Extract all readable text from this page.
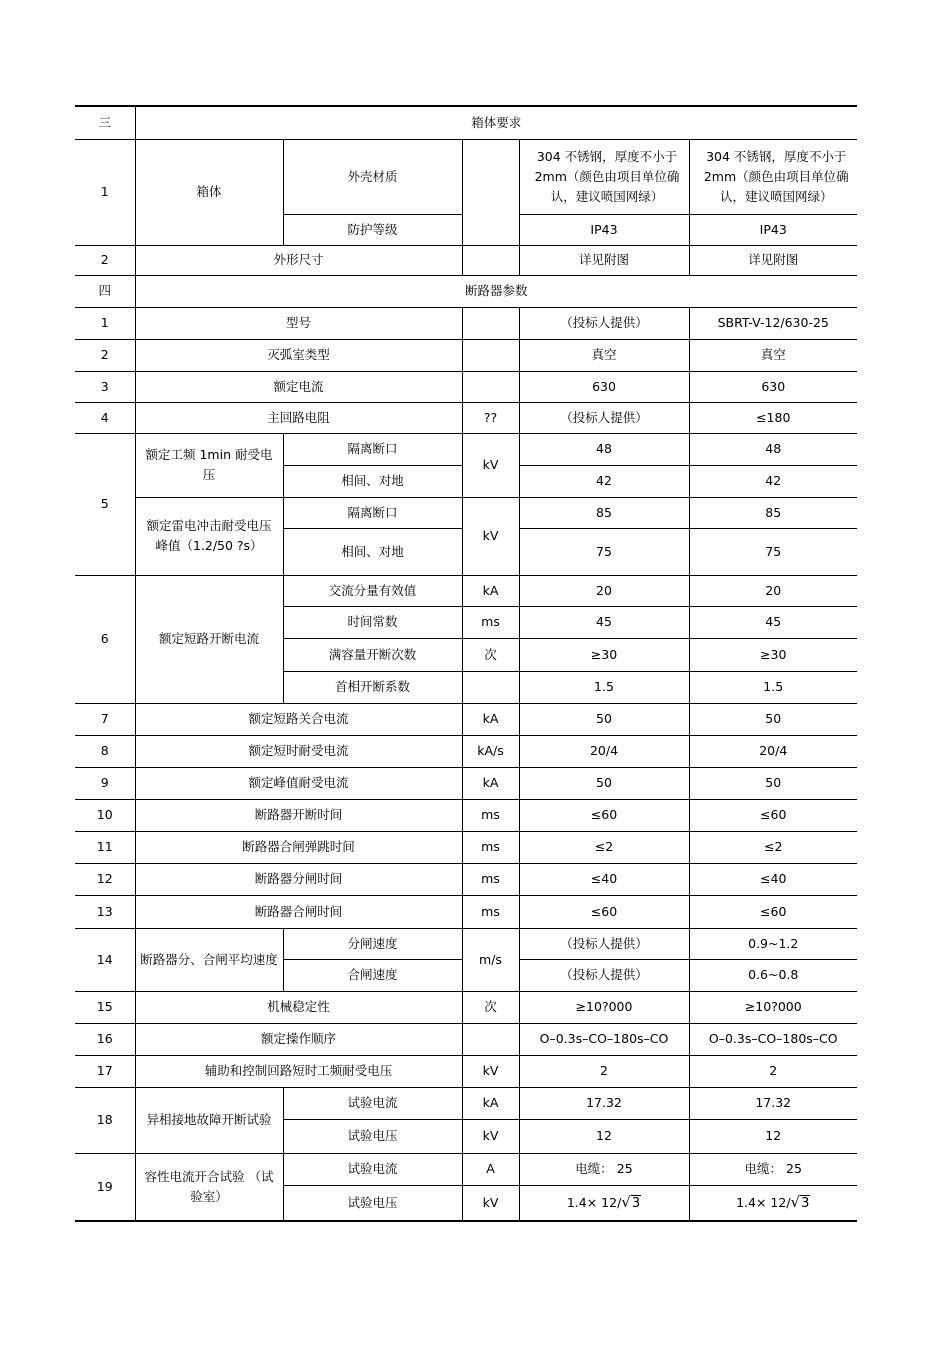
三	箱体要求				
1	箱体	外壳材质		304 不锈钢，厚度不小于 2mm（颜色由项目单位确认，建议喷国网绿）	304 不锈钢，厚度不小于 2mm（颜色由项目单位确认，建议喷国网绿）
		防护等级		IP43	IP43
2	外形尺寸			详见附图	详见附图
四	断路器参数				
1	型号			（投标人提供）	SBRT-V-12/630-25
2	灭弧室类型			真空	真空
3	额定电流			630	630
4	主回路电阻		??	（投标人提供）	≤180
5	额定工频 1min 耐受电压	隔离断口	kV	48	48
		相间、对地		42	42
	额定雷电冲击耐受电压 峰值（1.2/50 ?s）	隔离断口	kV	85	85
		相间、对地		75	75
6	额定短路开断电流	交流分量有效值	kA	20	20
		时间常数	ms	45	45
		满容量开断次数	次	≥30	≥30
		首相开断系数		1.5	1.5
7	额定短路关合电流		kA	50	50
8	额定短时耐受电流		kA/s	20/4	20/4
9	额定峰值耐受电流		kA	50	50
10	断路器开断时间		ms	≤60	≤60
11	断路器合闸弹跳时间		ms	≤2	≤2
12	断路器分闸时间		ms	≤40	≤40
13	断路器合闸时间		ms	≤60	≤60
14	断路器分、合闸平均速度	分闸速度	m/s	（投标人提供）	0.9~1.2
		合闸速度		（投标人提供）	0.6~0.8
15	机械稳定性		次	≥10?000	≥10?000
16	额定操作顺序			O–0.3s–CO–180s–CO	O–0.3s–CO–180s–CO
17	辅助和控制回路短时工频耐受电压		kV	2	2
18	异相接地故障开断试验	试验电流	kA	17.32	17.32
		试验电压	kV	12	12
19	容性电流开合试验 （试验室）	试验电流	A	电缆： 25	电缆： 25
		试验电压	kV	1.4× 12/√3	1.4× 12/√3
